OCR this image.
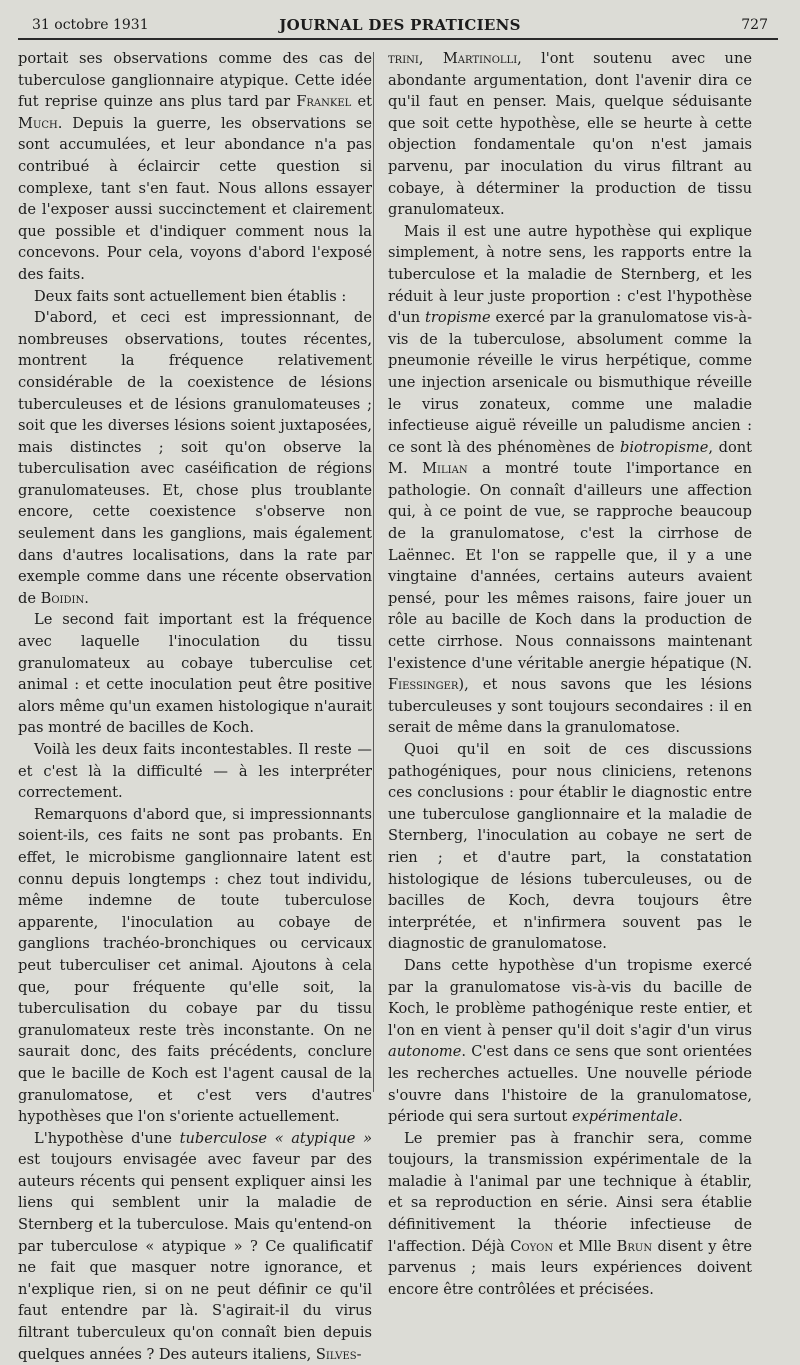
31 octobre 1931	JOURNAL DES PRATICIENS	727

portait ses observations comme des cas de tuberculose ganglionnaire atypique. Cette idée fut reprise quinze ans plus tard par Frankel et Much. Depuis la guerre, les observations se sont accumulées, et leur abondance n'a pas contribué à éclaircir cette question si complexe, tant s'en faut. Nous allons essayer de l'exposer aussi succinctement et clairement que possible et d'indiquer comment nous la concevons. Pour cela, voyons d'abord l'exposé des faits.

Deux faits sont actuellement bien établis :

D'abord, et ceci est impressionnant, de nombreuses observations, toutes récentes, montrent la fréquence relativement considérable de la coexistence de lésions tuberculeuses et de lésions granulomateuses ; soit que les diverses lésions soient juxtaposées, mais distinctes ; soit qu'on observe la tuberculisation avec caséification de régions granulomateuses. Et, chose plus troublante encore, cette coexistence s'observe non seulement dans les ganglions, mais également dans d'autres localisations, dans la rate par exemple comme dans une récente observation de Boidin.

Le second fait important est la fréquence avec laquelle l'inoculation du tissu granulomateux au cobaye tuberculise cet animal : et cette inoculation peut être positive alors même qu'un examen histologique n'aurait pas montré de bacilles de Koch.

Voilà les deux faits incontestables. Il reste — et c'est là la difficulté — à les interpréter correctement.

Remarquons d'abord que, si impressionnants soient-ils, ces faits ne sont pas probants. En effet, le microbisme ganglionnaire latent est connu depuis longtemps : chez tout individu, même indemne de toute tuberculose apparente, l'inoculation au cobaye de ganglions trachéo-bronchiques ou cervicaux peut tuberculiser cet animal. Ajoutons à cela que, pour fréquente qu'elle soit, la tuberculisation du cobaye par du tissu granulomateux reste très inconstante. On ne saurait donc, des faits précédents, conclure que le bacille de Koch est l'agent causal de la granulomatose, et c'est vers d'autres hypothèses que l'on s'oriente actuellement.

L'hypothèse d'une tuberculose « atypique » est toujours envisagée avec faveur par des auteurs récents qui pensent expliquer ainsi les liens qui semblent unir la maladie de Sternberg et la tuberculose. Mais qu'entend-on par tuberculose « atypique » ? Ce qualificatif ne fait que masquer notre ignorance, et n'explique rien, si on ne peut définir ce qu'il faut entendre par là. S'agirait-il du virus filtrant tuberculeux qu'on connaît bien depuis quelques années ? Des auteurs italiens, Silves-

trini, Martinolli, l'ont soutenu avec une abondante argumentation, dont l'avenir dira ce qu'il faut en penser. Mais, quelque séduisante que soit cette hypothèse, elle se heurte à cette objection fondamentale qu'on n'est jamais parvenu, par inoculation du virus filtrant au cobaye, à déterminer la production de tissu granulomateux.

Mais il est une autre hypothèse qui explique simplement, à notre sens, les rapports entre la tuberculose et la maladie de Sternberg, et les réduit à leur juste proportion : c'est l'hypothèse d'un tropisme exercé par la granulomatose vis-à-vis de la tuberculose, absolument comme la pneumonie réveille le virus herpétique, comme une injection arsenicale ou bismuthique réveille le virus zonateux, comme une maladie infectieuse aiguë réveille un paludisme ancien : ce sont là des phénomènes de biotropisme, dont M. Milian a montré toute l'importance en pathologie. On connaît d'ailleurs une affection qui, à ce point de vue, se rapproche beaucoup de la granulomatose, c'est la cirrhose de Laënnec. Et l'on se rappelle que, il y a une vingtaine d'années, certains auteurs avaient pensé, pour les mêmes raisons, faire jouer un rôle au bacille de Koch dans la production de cette cirrhose. Nous connaissons maintenant l'existence d'une véritable anergie hépatique (N. Fiessinger), et nous savons que les lésions tuberculeuses y sont toujours secondaires : il en serait de même dans la granulomatose.

Quoi qu'il en soit de ces discussions pathogéniques, pour nous cliniciens, retenons ces conclusions : pour établir le diagnostic entre une tuberculose ganglionnaire et la maladie de Sternberg, l'inoculation au cobaye ne sert de rien ; et d'autre part, la constatation histologique de lésions tuberculeuses, ou de bacilles de Koch, devra toujours être interprétée, et n'infirmera souvent pas le diagnostic de granulomatose.

Dans cette hypothèse d'un tropisme exercé par la granulomatose vis-à-vis du bacille de Koch, le problème pathogénique reste entier, et l'on en vient à penser qu'il doit s'agir d'un virus autonome. C'est dans ce sens que sont orientées les recherches actuelles. Une nouvelle période s'ouvre dans l'histoire de la granulomatose, période qui sera surtout expérimentale.

Le premier pas à franchir sera, comme toujours, la transmission expérimentale de la maladie à l'animal par une technique à établir, et sa reproduction en série. Ainsi sera établie définitivement la théorie infectieuse de l'affection. Déjà Coyon et Mlle Brun disent y être parvenus ; mais leurs expériences doivent encore être contrôlées et précisées.
